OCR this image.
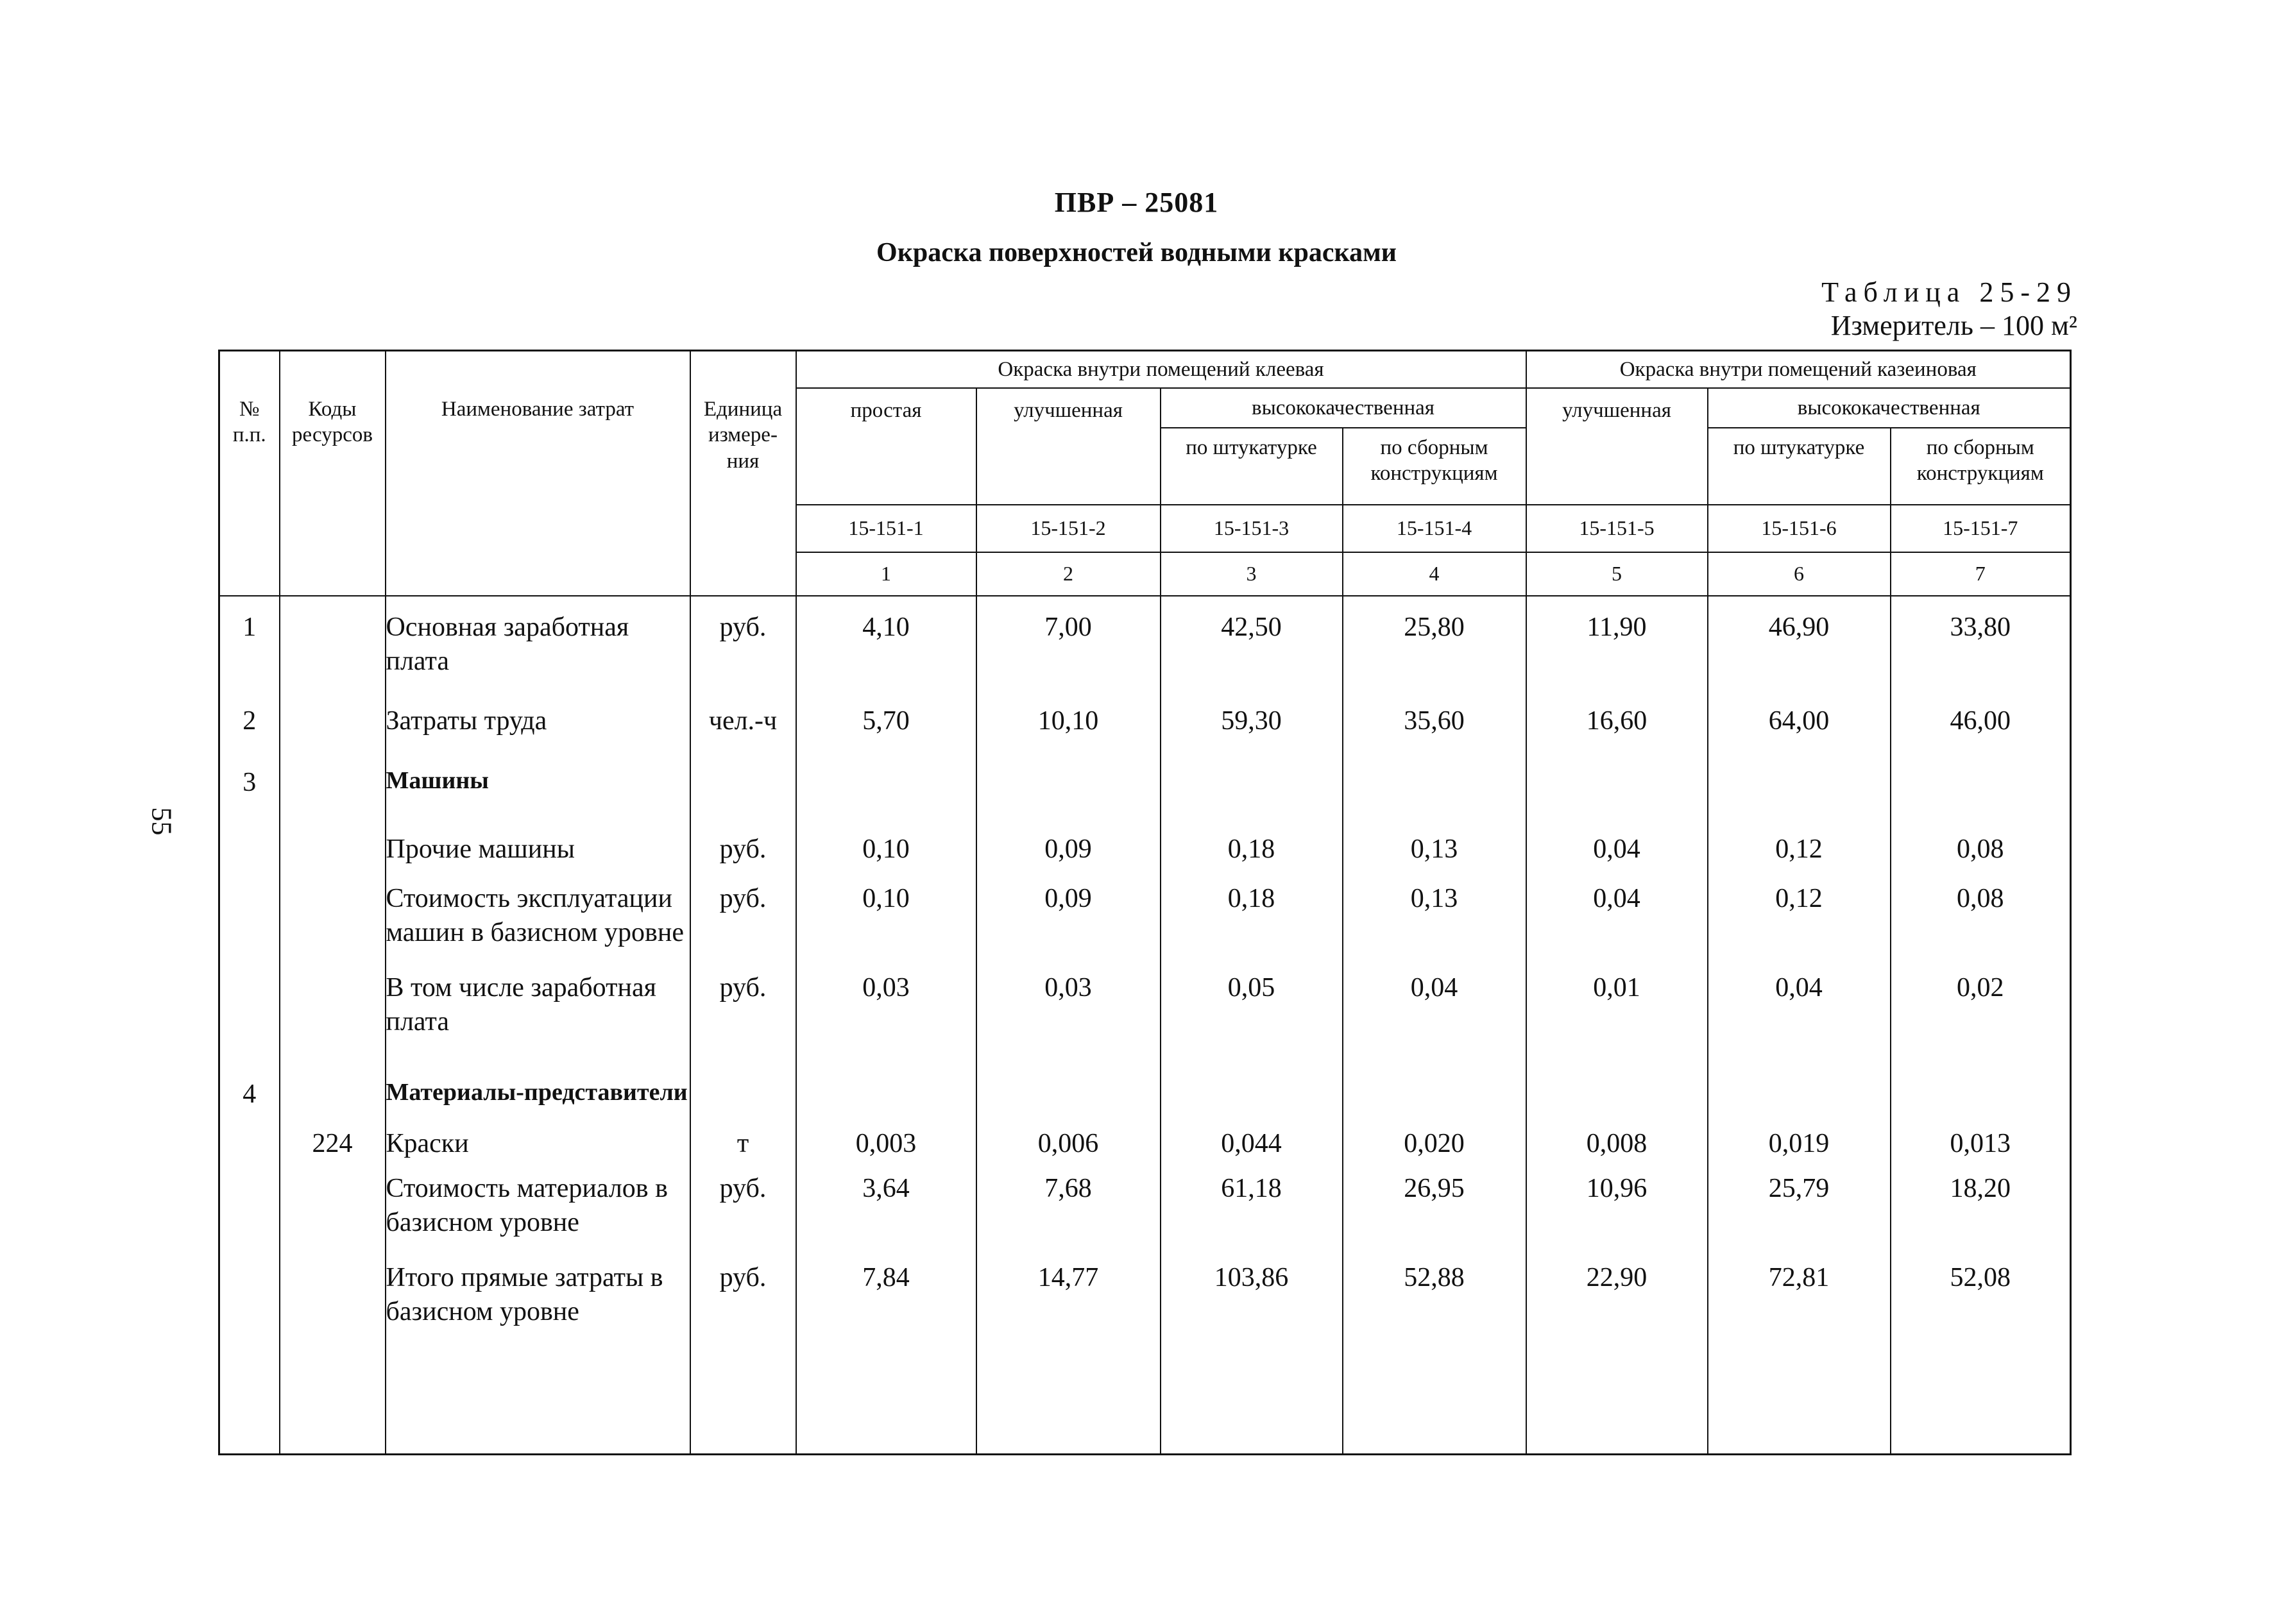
ПВР – 25081
Окраска поверхностей водными красками
Таблица 25-29
Измеритель – 100 м²
55
№ п.п.	Коды ресурсов	Наименование затрат	Единица измере- ния	Окраска внутри помещений клеевая				Окраска внутри помещений казеиновая		
				простая	улучшенная	высококачественная		улучшенная	высококачественная	
						по штукатурке	по сборным конструкциям		по штукатурке	по сборным конструкциям
				15-151-1	15-151-2	15-151-3	15-151-4	15-151-5	15-151-6	15-151-7
				1	2	3	4	5	6	7
1		Основная заработная плата	руб.	4,10	7,00	42,50	25,80	11,90	46,90	33,80
2		Затраты труда	чел.-ч	5,70	10,10	59,30	35,60	16,60	64,00	46,00
3		Машины								
		Прочие машины	руб.	0,10	0,09	0,18	0,13	0,04	0,12	0,08
		Стоимость эксплуатации машин в базисном уровне	руб.	0,10	0,09	0,18	0,13	0,04	0,12	0,08
		В том числе заработная плата	руб.	0,03	0,03	0,05	0,04	0,01	0,04	0,02
4		Материалы-представители								
	224	Краски	т	0,003	0,006	0,044	0,020	0,008	0,019	0,013
		Стоимость материалов в базисном уровне	руб.	3,64	7,68	61,18	26,95	10,96	25,79	18,20
		Итого прямые затраты в базисном уровне	руб.	7,84	14,77	103,86	52,88	22,90	72,81	52,08
